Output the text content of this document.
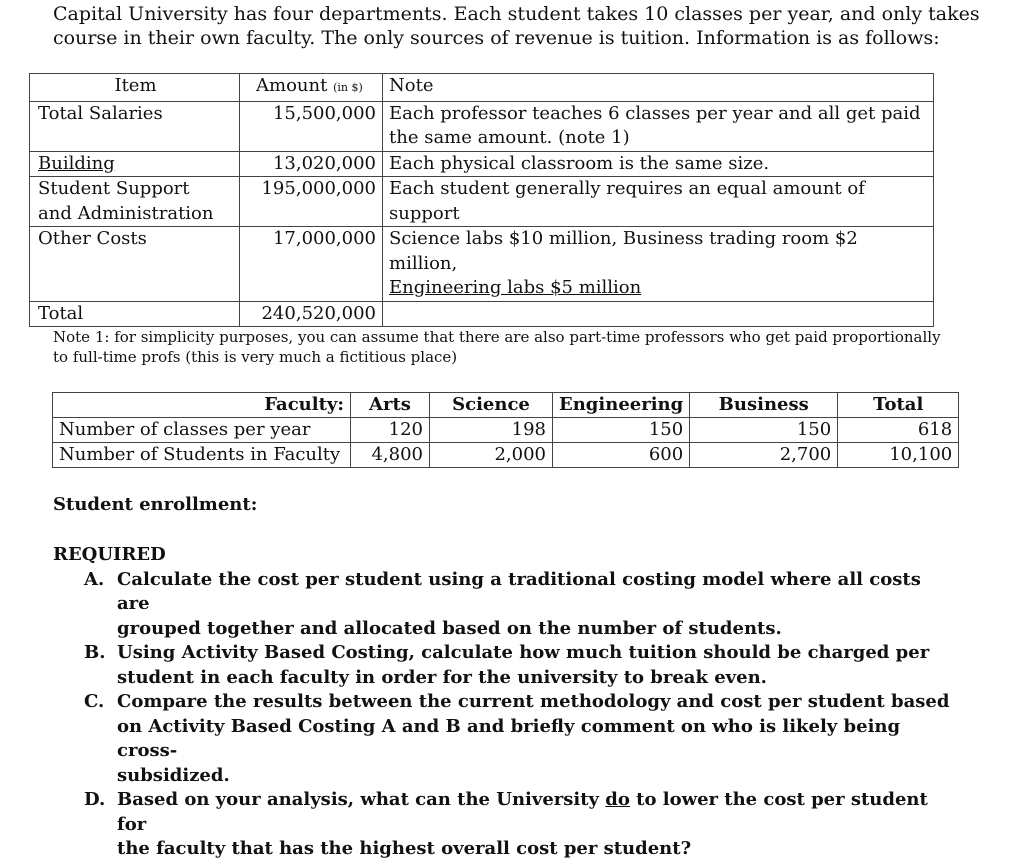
Capital University has four departments. Each student takes 10 classes per year, and only takes

course in their own faculty. The only sources of revenue is tuition. Information is as follows:

Item	Amount (in $)	Note
Total Salaries	15,500,000	Each professor teaches 6 classes per year and all get paid
the same amount. (note 1)

Building	13,020,000	Each physical classroom is the same size.

Student Support
and Administration	195,000,000	Each student generally requires an equal amount of support
Other Costs	17,000,000	Science labs $10 million, Business trading room $2 million,
Engineering labs $5 million

Total	240,520,000	

Note 1: for simplicity purposes, you can assume that there are also part-time professors who get paid proportionally

to full-time profs (this is very much a fictitious place)

Faculty:	Arts	Science	Engineering	Business	Total
Number of classes per year	120	198	150	150	618
Number of Students in Faculty	4,800	2,000	600	2,700	10,100
Student enrollment:

REQUIRED

A. Calculate the cost per student using a traditional costing model where all costs are
grouped together and allocated based on the number of students.
B. Using Activity Based Costing, calculate how much tuition should be charged per
student in each faculty in order for the university to break even.
C. Compare the results between the current methodology and cost per student based
on Activity Based Costing A and B and briefly comment on who is likely being cross-
subsidized.
D. Based on your analysis, what can the University do to lower the cost per student for
the faculty that has the highest overall cost per student?
